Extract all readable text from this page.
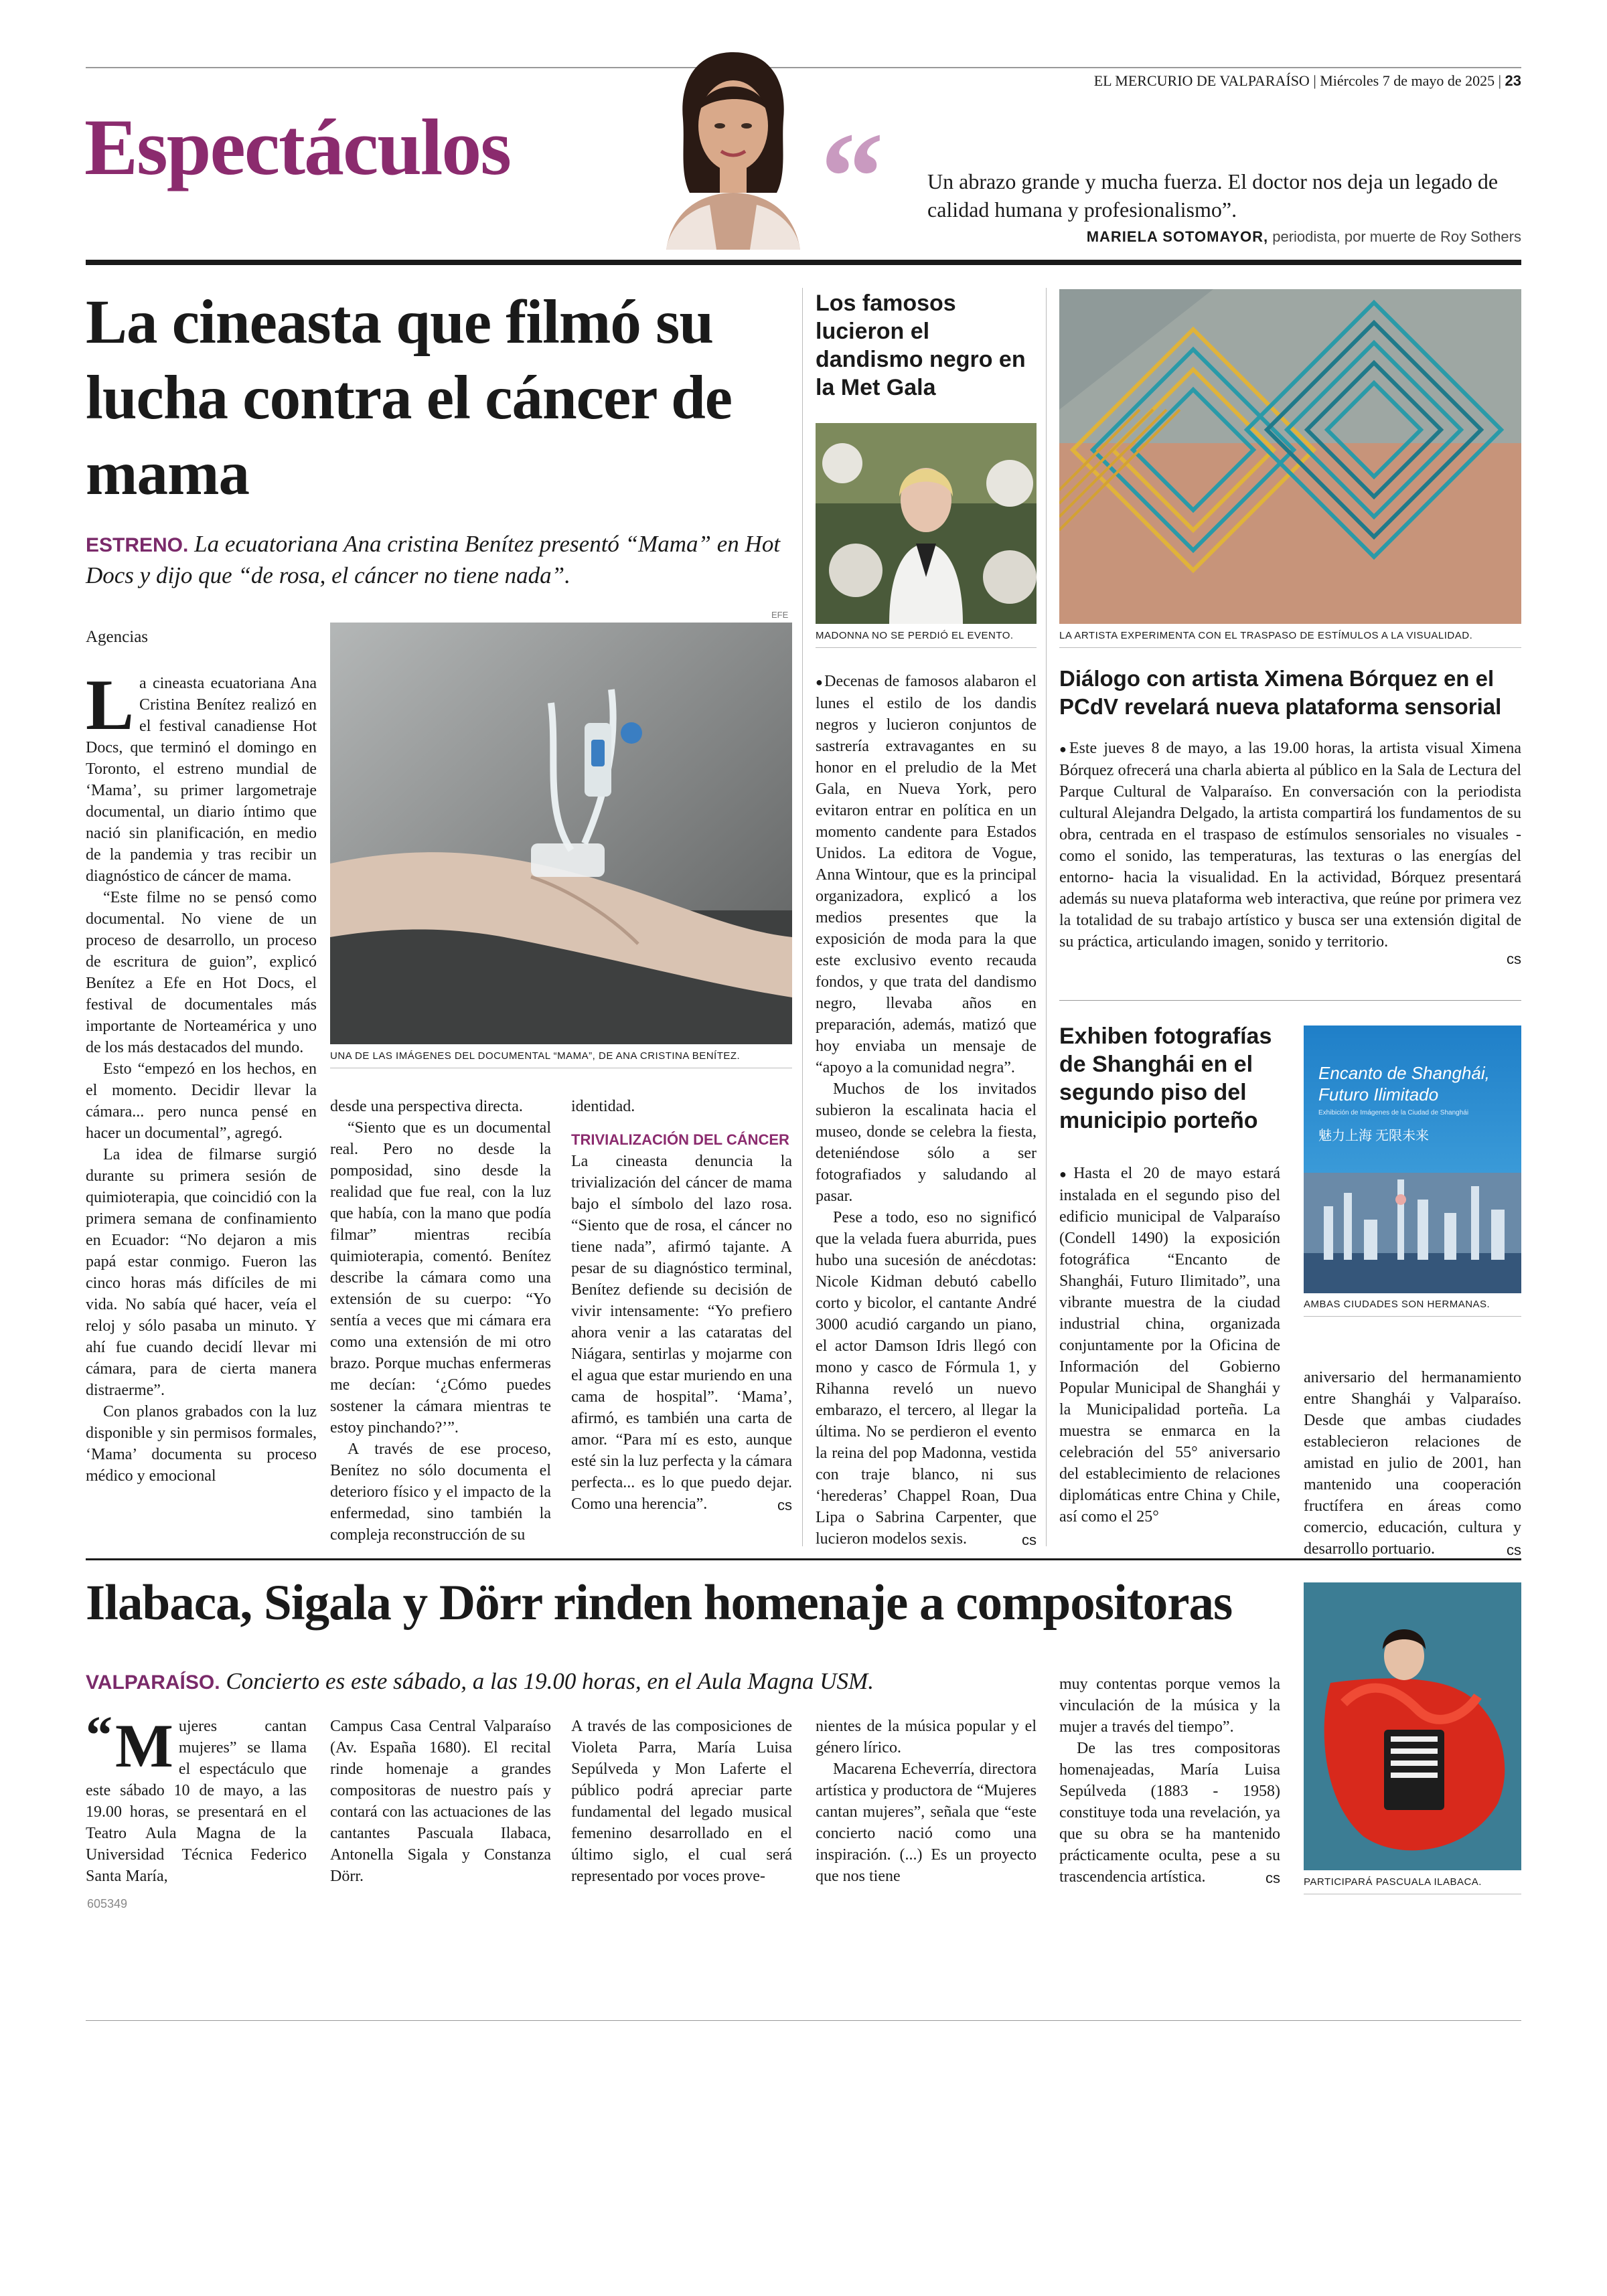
EL MERCURIO DE VALPARAÍSO | Miércoles 7 de mayo de 2025 | 23
Espectáculos “ Un abrazo grande y mucha fuerza. El doctor nos deja un legado de calidad humana y profesionalismo”.
MARIELA SOTOMAYOR, periodista, por muerte de Roy Sothers
La cineasta que filmó su lucha contra el cáncer de mama
ESTRENO. La ecuatoriana Ana cristina Benítez presentó “Mama” en Hot Docs y dijo que “de rosa, el cáncer no tiene nada”.
Agencias
EFE
UNA DE LAS IMÁGENES DEL DOCUMENTAL “MAMA”, DE ANA CRISTINA BENÍTEZ.
L a cineasta ecuatoriana Ana Cristina Benítez realizó en el festival canadiense Hot Docs, que terminó el domingo en Toronto, el estreno mundial de ‘Mama’, su primer largometraje documental, un diario íntimo que nació sin planificación, en medio de la pandemia y tras recibir un diagnóstico de cáncer de mama.

“Este filme no se pensó como documental. No viene de un proceso de desarrollo, un proceso de escritura de guion”, explicó Benítez a Efe en Hot Docs, el festival de documentales más importante de Norteamérica y uno de los más destacados del mundo.

Esto “empezó en los hechos, en el momento. Decidir llevar la cámara... pero nunca pensé en hacer un documental”, agregó.

La idea de filmarse surgió durante su primera sesión de quimioterapia, que coincidió con la primera semana de confinamiento en Ecuador: “No dejaron a mis papá estar conmigo. Fueron las cinco horas más difíciles de mi vida. No sabía qué hacer, veía el reloj y sólo pasaba un minuto. Y ahí fue cuando decidí llevar mi cámara, para de cierta manera distraerme”.

Con planos grabados con la luz disponible y sin permisos formales, ‘Mama’ documenta su proceso médico y emocional

desde una perspectiva directa.

“Siento que es un documental real. Pero no desde la pomposidad, sino desde la realidad que fue real, con la luz que había, con la mano que podía filmar” mientras recibía quimioterapia, comentó. Benítez describe la cámara como una extensión de su cuerpo: “Yo sentía a veces que mi cámara era como una extensión de mi otro brazo. Porque muchas enfermeras me decían: ‘¿Cómo puedes sostener la cámara mientras te estoy pinchando?’”.

A través de ese proceso, Benítez no sólo documenta el deterioro físico y el impacto de la enfermedad, sino también la compleja reconstrucción de su

identidad.

TRIVIALIZACIÓN DEL CÁNCER

La cineasta denuncia la trivialización del cáncer de mama bajo el símbolo del lazo rosa. “Siento que de rosa, el cáncer no tiene nada”, afirmó tajante. A pesar de su diagnóstico terminal, Benítez defiende su decisión de vivir intensamente: “Yo prefiero ahora venir a las cataratas del Niágara, sentirlas y mojarme con el agua que estar muriendo en una cama de hospital”. ‘Mama’, afirmó, es también una carta de amor. “Para mí es esto, aunque esté sin la luz perfecta y la cámara perfecta... es lo que puedo dejar. Como una herencia”.	cs
Los famosos lucieron el dandismo negro en la Met Gala
MADONNA NO SE PERDIÓ EL EVENTO.

● Decenas de famosos alabaron el lunes el estilo de los dandis negros y lucieron conjuntos de sastrería extravagantes en su honor en el preludio de la Met Gala, en Nueva York, pero evitaron entrar en política en un momento candente para Estados Unidos. La editora de Vogue, Anna Wintour, que es la principal organizadora, explicó a los medios presentes que la exposición de moda para la que este exclusivo evento recauda fondos, y que trata del dandismo negro, llevaba años en preparación, además, matizó que hoy enviaba un mensaje de “apoyo a la comunidad negra”.

Muchos de los invitados subieron la escalinata hacia el museo, donde se celebra la fiesta, deteniéndose sólo a ser fotografiados y saludando al pasar.

Pese a todo, eso no significó que la velada fuera aburrida, pues hubo una sucesión de anécdotas: Nicole Kidman debutó cabello corto y bicolor, el cantante André 3000 acudió cargando un piano, el actor Damson Idris llegó con mono y casco de Fórmula 1, y Rihanna reveló un nuevo embarazo, el tercero, al llegar la última. No se perdieron el evento la reina del pop Madonna, vestida con traje blanco, ni sus ‘herederas’ Chappel Roan, Dua Lipa o Sabrina Carpenter, que lucieron modelos sexis.	cs
LA ARTISTA EXPERIMENTA CON EL TRASPASO DE ESTÍMULOS A LA VISUALIDAD.
Diálogo con artista Ximena Bórquez en el PCdV revelará nueva plataforma sensorial
● Este jueves 8 de mayo, a las 19.00 horas, la artista visual Ximena Bórquez ofrecerá una charla abierta al público en la Sala de Lectura del Parque Cultural de Valparaíso. En conversación con la periodista cultural Alejandra Delgado, la artista compartirá los fundamentos de su obra, centrada en el traspaso de estímulos sensoriales no visuales -como el sonido, las temperaturas, las texturas o las energías del entorno- hacia la visualidad. En la actividad, Bórquez presentará además su nueva plataforma web interactiva, que reúne por primera vez la totalidad de su trabajo artístico y busca ser una extensión digital de su práctica, articulando imagen, sonido y territorio.
cs
Exhiben fotografías de Shanghái en el segundo piso del municipio porteño
Encanto de Shanghái, Futuro Ilimitado
Exhibición de Imágenes de la Ciudad de Shanghái
魅力上海 无限未来
AMBAS CIUDADES SON HERMANAS.
● Hasta el 20 de mayo estará instalada en el segundo piso del edificio municipal de Valparaíso (Condell 1490) la exposición fotográfica “Encanto de Shanghái, Futuro Ilimitado”, una vibrante muestra de la ciudad industrial china, organizada conjuntamente por la Oficina de Información del Gobierno Popular Municipal de Shanghái y la Municipalidad porteña. La muestra se enmarca en la celebración del 55° aniversario del establecimiento de relaciones diplomáticas entre China y Chile, así como el 25°
aniversario del hermanamiento entre Shanghái y Valparaíso. Desde que ambas ciudades establecieron relaciones de amistad en julio de 2001, han mantenido una cooperación fructífera en áreas como comercio, educación, cultura y desarrollo portuario.	cs
Ilabaca, Sigala y Dörr rinden homenaje a compositoras
VALPARAÍSO. Concierto es este sábado, a las 19.00 horas, en el Aula Magna USM.
“ M ujeres cantan mujeres” se llama el espectáculo que este sábado 10 de mayo, a las 19.00 horas, se presentará en el Teatro Aula Magna de la Universidad Técnica Federico Santa María,
605349
Campus Casa Central Valparaíso (Av. España 1680). El recital rinde homenaje a grandes compositoras de nuestro país y contará con las actuaciones de las cantantes Pascuala Ilabaca, Antonella Sigala y Constanza Dörr.
A través de las composiciones de Violeta Parra, María Luisa Sepúlveda y Mon Laferte el público podrá apreciar parte fundamental del legado musical femenino desarrollado en el último siglo, el cual será representado por voces prove-

nientes de la música popular y el género lírico.

Macarena Echeverría, directora artística y productora de “Mujeres cantan mujeres”, señala que “este concierto nació como una inspiración. (...) Es un proyecto que nos tiene

muy contentas porque vemos la vinculación de la música y la mujer a través del tiempo”.

De las tres compositoras homenajeadas, María Luisa Sepúlveda (1883 - 1958) constituye toda una revelación, ya que su obra se ha mantenido prácticamente oculta, pese a su trascendencia artística.	cs PARTICIPARÁ PASCUALA ILABACA.
